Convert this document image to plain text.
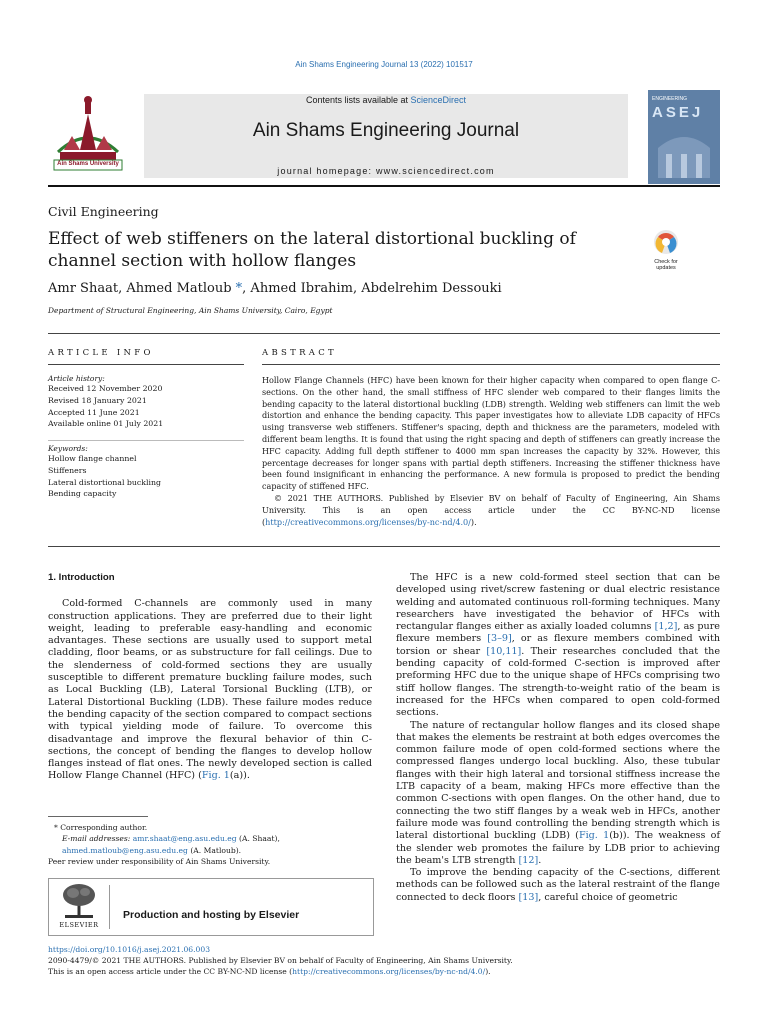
Ain Shams Engineering Journal 13 (2022) 101517
Ain Shams University
Contents lists available at ScienceDirect
Ain Shams Engineering Journal
journal homepage: www.sciencedirect.com
ENGINEERING
ASEJ
Civil Engineering
Effect of web stiffeners on the lateral distortional buckling of channel section with hollow flanges	Check for updates
Amr Shaat, Ahmed Matloub *, Ahmed Ibrahim, Abdelrehim Dessouki
Department of Structural Engineering, Ain Shams University, Cairo, Egypt
ARTICLE INFO
Article history:
Received 12 November 2020
Revised 18 January 2021
Accepted 11 June 2021
Available online 01 July 2021
Keywords:
Hollow flange channel
Stiffeners
Lateral distortional buckling
Bending capacity
ABSTRACT

Hollow Flange Channels (HFC) have been known for their higher capacity when compared to open flange C-sections. On the other hand, the small stiffness of HFC slender web compared to their flanges limits the bending capacity to the lateral distortional buckling (LDB) strength. Welding web stiffeners can limit the web distortion and enhance the bending capacity. This paper investigates how to alleviate LDB capacity of HFCs using transverse web stiffeners. Stiffener's spacing, depth and thickness are the parameters, modeled with different beam lengths. It is found that using the right spacing and depth of stiffeners can greatly increase the HFC capacity. Adding full depth stiffener to 4000 mm span increases the capacity by 32%. However, this percentage decreases for longer spans with partial depth stiffeners. Increasing the stiffener thickness have been found insignificant in enhancing the performance. A new formula is proposed to predict the bending capacity of stiffened HFC.

© 2021 THE AUTHORS. Published by Elsevier BV on behalf of Faculty of Engineering, Ain Shams University. This is an open access article under the CC BY-NC-ND license (http://creativecommons.org/licenses/by-nc-nd/4.0/).

1. Introduction

Cold-formed C-channels are commonly used in many construction applications. They are preferred due to their light weight, leading to preferable easy-handling and economic advantages. These sections are usually used to support metal cladding, floor beams, or as substructure for fall ceilings. Due to the slenderness of cold-formed sections they are usually susceptible to different premature buckling failure modes, such as Local Buckling (LB), Lateral Torsional Buckling (LTB), or Lateral Distortional Buckling (LDB). These failure modes reduce the bending capacity of the section compared to compact sections with typical yielding mode of failure. To overcome this disadvantage and improve the flexural behavior of thin C-sections, the concept of bending the flanges to develop hollow flanges instead of flat ones. The newly developed section is called Hollow Flange Channel (HFC) (Fig. 1(a)).

* Corresponding author.
E-mail addresses: amr.shaat@eng.asu.edu.eg (A. Shaat), ahmed.matloub@eng.asu.edu.eg (A. Matloub).
Peer review under responsibility of Ain Shams University.
ELSEVIER
Production and hosting by Elsevier

The HFC is a new cold-formed steel section that can be developed using rivet/screw fastening or dual electric resistance welding and automated continuous roll-forming techniques. Many researchers have investigated the behavior of HFCs with rectangular flanges either as axially loaded columns [1,2], as pure flexure members [3–9], or as flexure members combined with torsion or shear [10,11]. Their researches concluded that the bending capacity of cold-formed C-section is improved after preforming HFC due to the unique shape of HFCs comprising two stiff hollow flanges. The strength-to-weight ratio of the beam is increased for the HFCs when compared to open cold-formed sections.

The nature of rectangular hollow flanges and its closed shape that makes the elements be restraint at both edges overcomes the common failure mode of open cold-formed sections where the compressed flanges undergo local buckling. Also, these tubular flanges with their high lateral and torsional stiffness increase the LTB capacity of a beam, making HFCs more effective than the common C-sections with open flanges. On the other hand, due to connecting the two stiff flanges by a weak web in HFCs, another failure mode was found controlling the bending strength which is lateral distortional buckling (LDB) (Fig. 1(b)). The weakness of the slender web promotes the failure by LDB prior to achieving the beam's LTB strength [12].

To improve the bending capacity of the C-sections, different methods can be followed such as the lateral restraint of the flange connected to deck floors [13], careful choice of geometric

https://doi.org/10.1016/j.asej.2021.06.003
2090-4479/© 2021 THE AUTHORS. Published by Elsevier BV on behalf of Faculty of Engineering, Ain Shams University.
This is an open access article under the CC BY-NC-ND license (http://creativecommons.org/licenses/by-nc-nd/4.0/).
